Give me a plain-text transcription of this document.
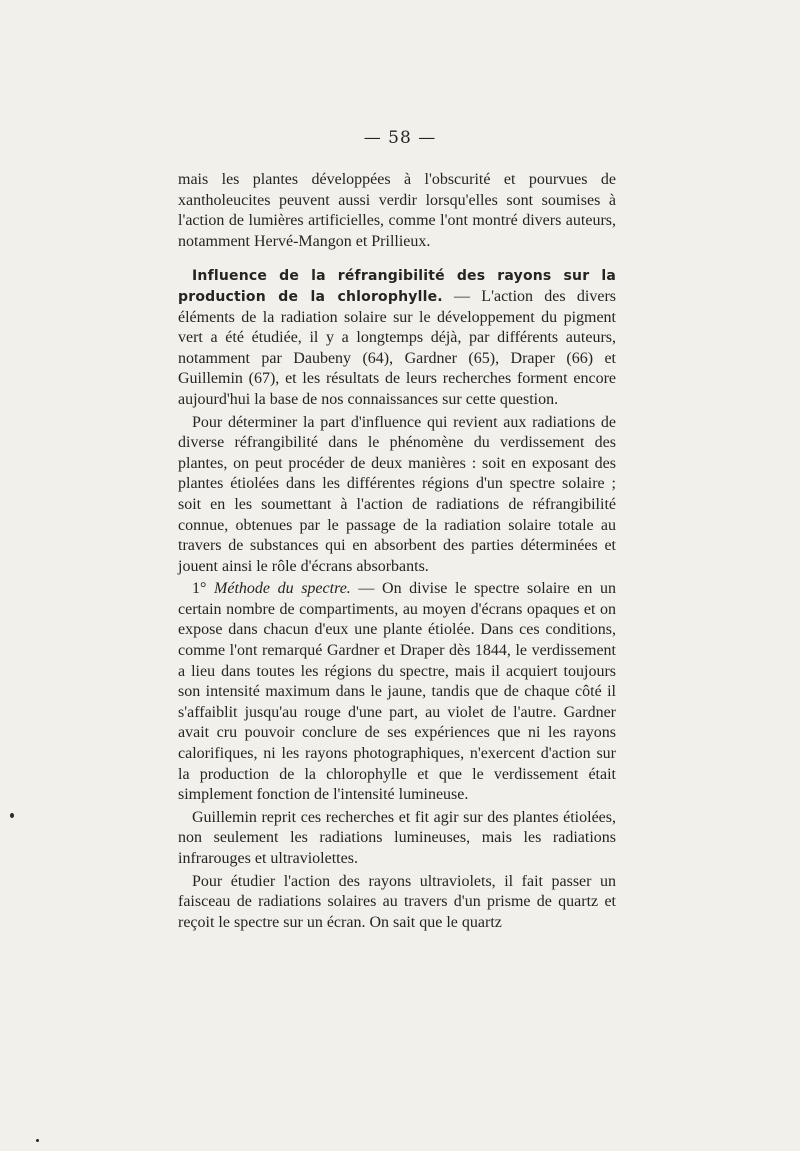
— 58 —

mais les plantes développées à l'obscurité et pourvues de xantholeucites peuvent aussi verdir lorsqu'elles sont soumises à l'action de lumières artificielles, comme l'ont montré divers auteurs, notamment Hervé-Mangon et Prillieux.

Influence de la réfrangibilité des rayons sur la production de la chlorophylle. — L'action des divers éléments de la radiation solaire sur le développement du pigment vert a été étudiée, il y a longtemps déjà, par différents auteurs, notamment par Daubeny (64), Gardner (65), Draper (66) et Guillemin (67), et les résultats de leurs recherches forment encore aujourd'hui la base de nos connaissances sur cette question.

Pour déterminer la part d'influence qui revient aux radiations de diverse réfrangibilité dans le phénomène du verdissement des plantes, on peut procéder de deux manières : soit en exposant des plantes étiolées dans les différentes régions d'un spectre solaire ; soit en les soumettant à l'action de radiations de réfrangibilité connue, obtenues par le passage de la radiation solaire totale au travers de substances qui en absorbent des parties déterminées et jouent ainsi le rôle d'écrans absorbants.

1° Méthode du spectre. — On divise le spectre solaire en un certain nombre de compartiments, au moyen d'écrans opaques et on expose dans chacun d'eux une plante étiolée. Dans ces conditions, comme l'ont remarqué Gardner et Draper dès 1844, le verdissement a lieu dans toutes les régions du spectre, mais il acquiert toujours son intensité maximum dans le jaune, tandis que de chaque côté il s'affaiblit jusqu'au rouge d'une part, au violet de l'autre. Gardner avait cru pouvoir conclure de ses expériences que ni les rayons calorifiques, ni les rayons photographiques, n'exercent d'action sur la production de la chlorophylle et que le verdissement était simplement fonction de l'intensité lumineuse.

Guillemin reprit ces recherches et fit agir sur des plantes étiolées, non seulement les radiations lumineuses, mais les radiations infrarouges et ultraviolettes.

Pour étudier l'action des rayons ultraviolets, il fait passer un faisceau de radiations solaires au travers d'un prisme de quartz et reçoit le spectre sur un écran. On sait que le quartz
